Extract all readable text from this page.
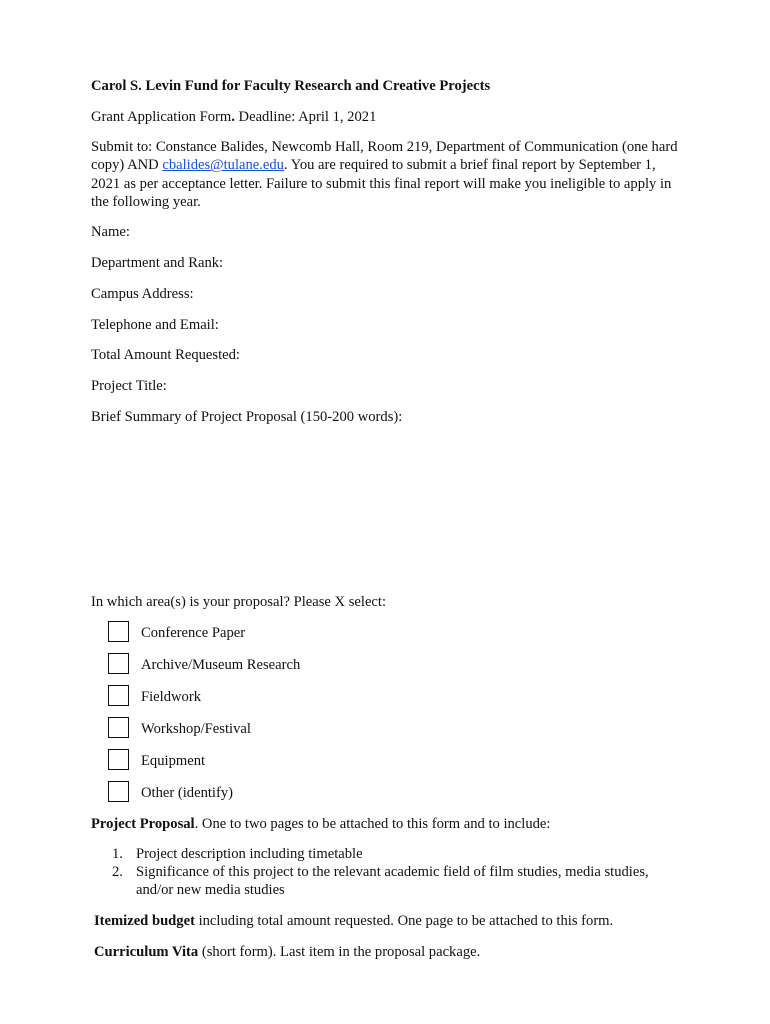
Carol S. Levin Fund for Faculty Research and Creative Projects
Grant Application Form. Deadline: April 1, 2021
Submit to: Constance Balides, Newcomb Hall, Room 219, Department of Communication (one hard copy) AND cbalides@tulane.edu. You are required to submit a brief final report by September 1, 2021 as per acceptance letter. Failure to submit this final report will make you ineligible to apply in the following year.
Name:
Department and Rank:
Campus Address:
Telephone and Email:
Total Amount Requested:
Project Title:
Brief Summary of Project Proposal (150-200 words):
In which area(s) is your proposal? Please X select:
Conference Paper
Archive/Museum Research
Fieldwork
Workshop/Festival
Equipment
Other (identify)
Project Proposal. One to two pages to be attached to this form and to include:
1. Project description including timetable
2. Significance of this project to the relevant academic field of film studies, media studies, and/or new media studies
Itemized budget including total amount requested. One page to be attached to this form.
Curriculum Vita (short form). Last item in the proposal package.
